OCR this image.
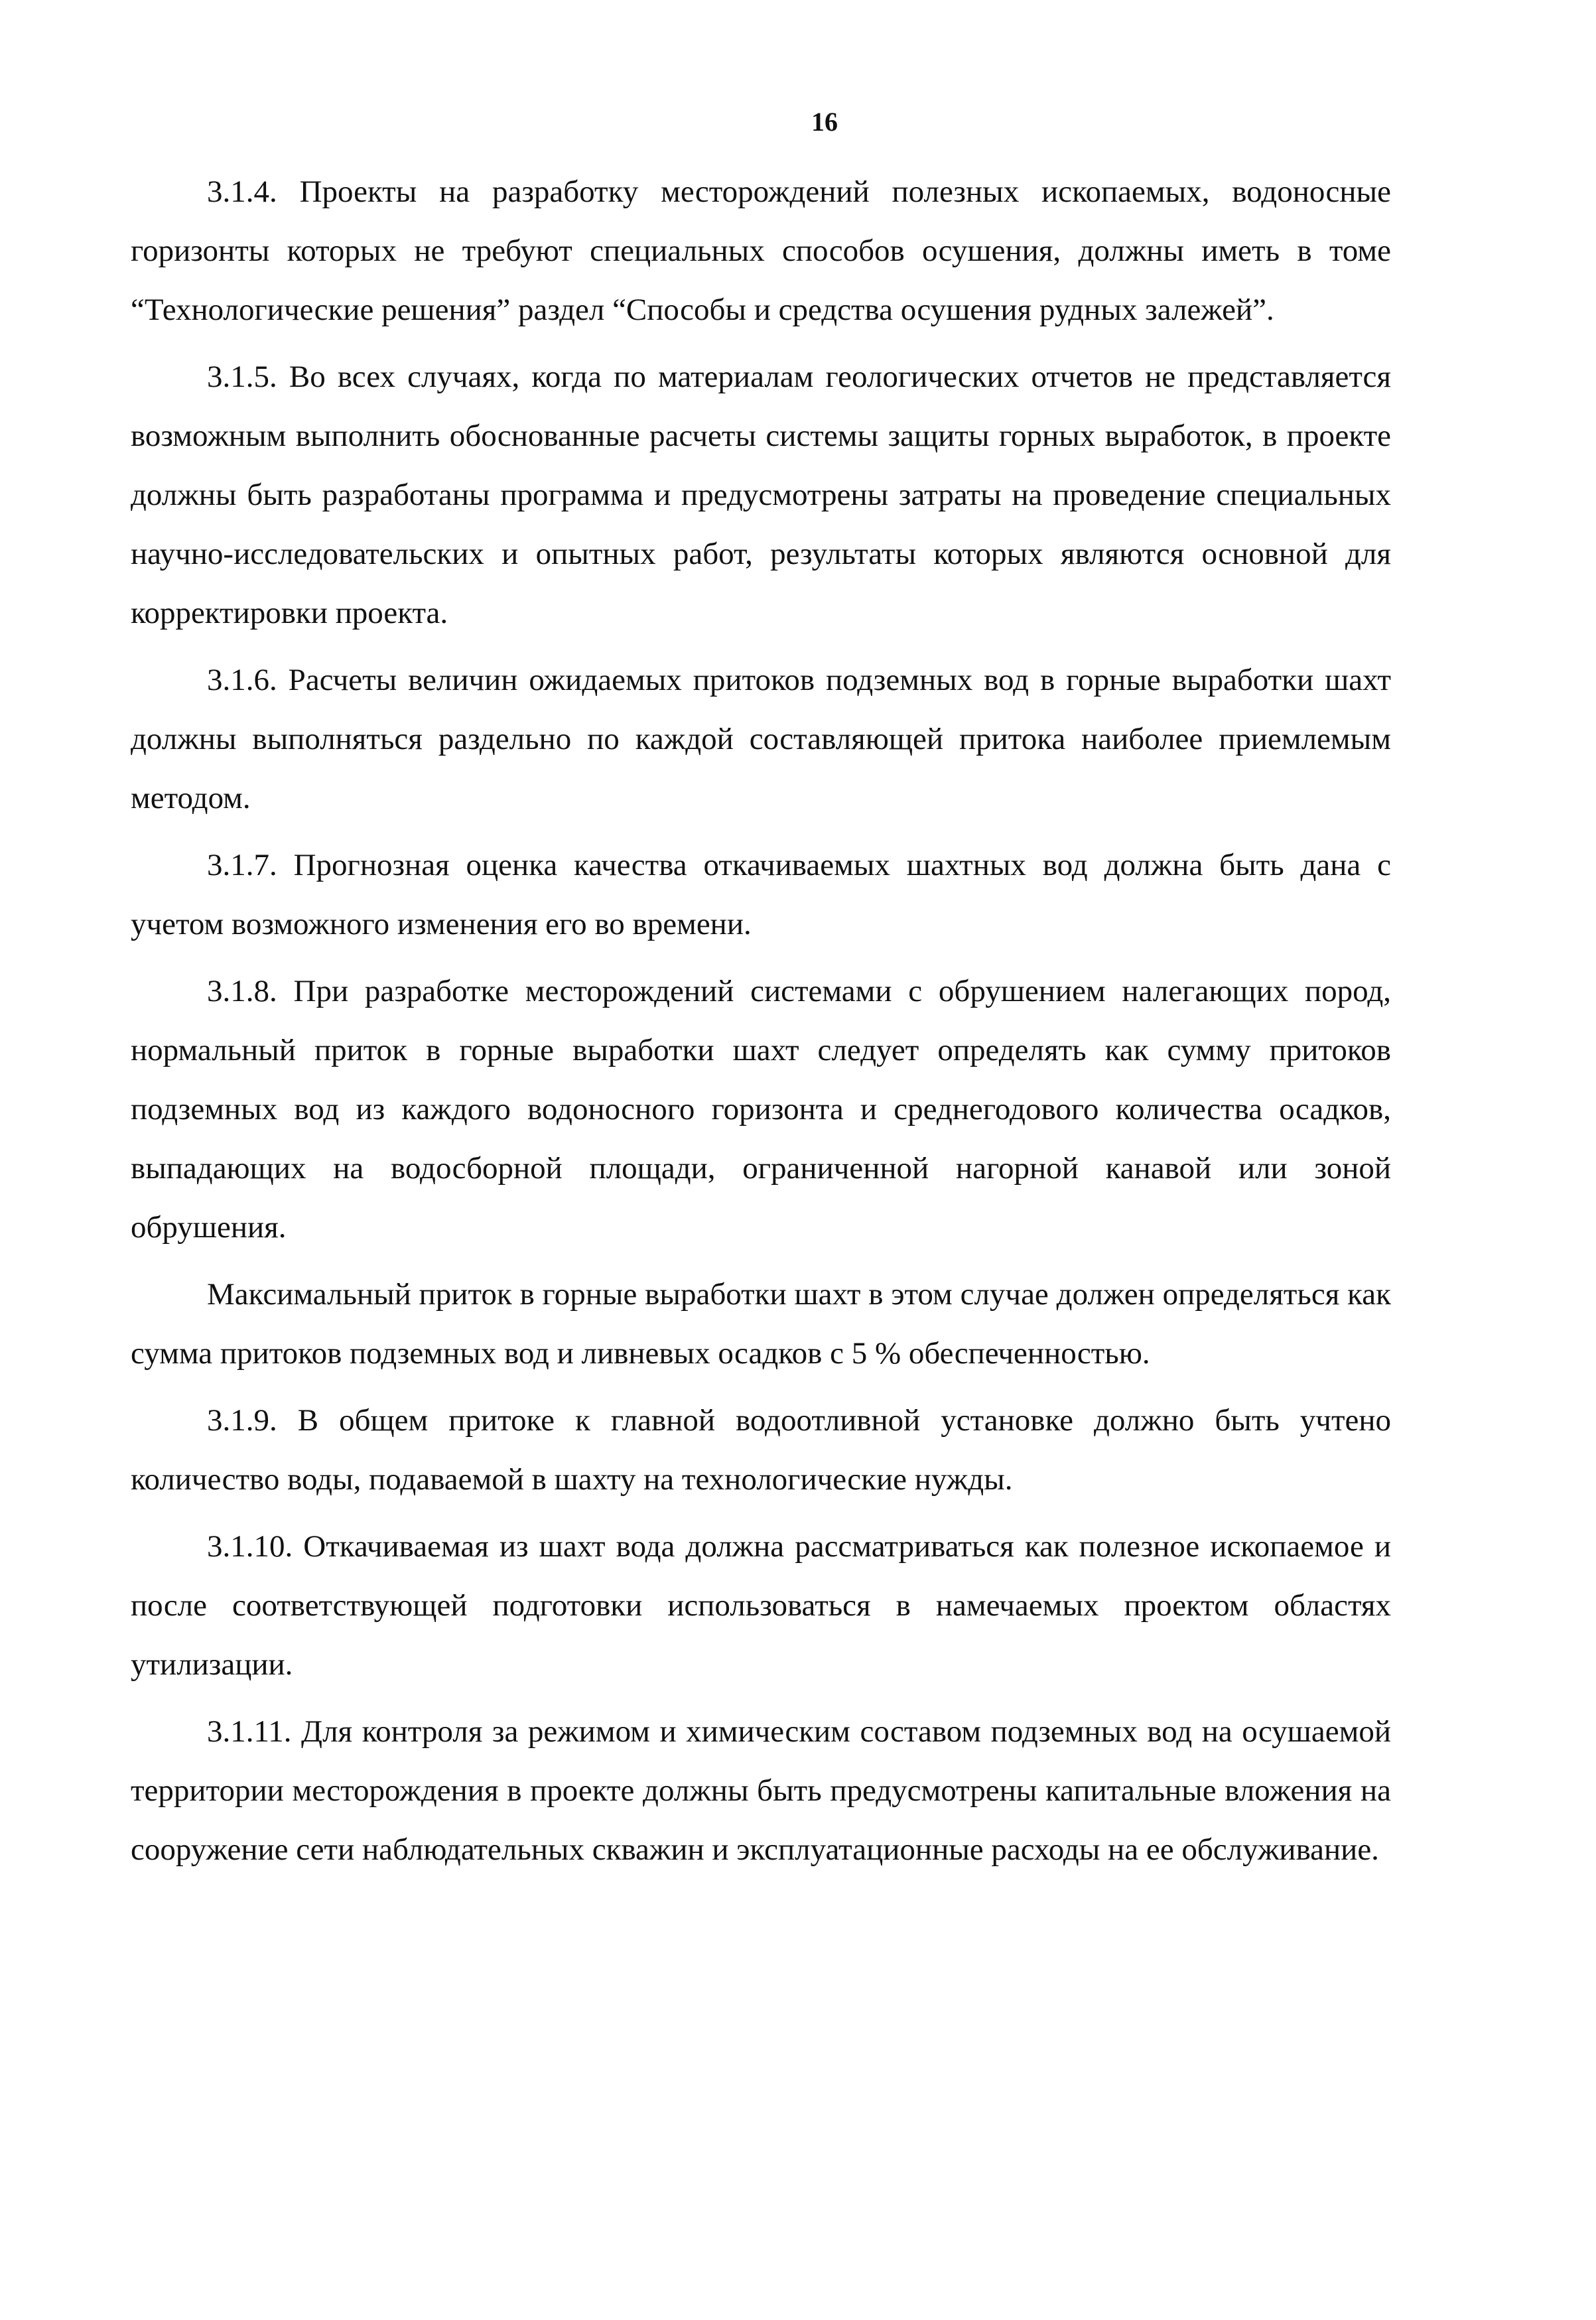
16

3.1.4. Проекты на разработку месторождений полезных ископаемых, водоносные горизонты которых не требуют специальных способов осушения, должны иметь в томе “Технологические решения” раздел “Способы и средства осушения рудных залежей”.

3.1.5. Во всех случаях, когда по материалам геологических отчетов не представляется возможным выполнить обоснованные расчеты системы защиты горных выработок, в проекте должны быть разработаны программа и предусмотрены затраты на проведение специальных научно-исследовательских и опытных работ, результаты которых являются основной для корректировки проекта.

3.1.6. Расчеты величин ожидаемых притоков подземных вод в горные выработки шахт должны выполняться раздельно по каждой составляющей притока наиболее приемлемым методом.

3.1.7. Прогнозная оценка качества откачиваемых шахтных вод должна быть дана с учетом возможного изменения его во времени.

3.1.8. При разработке месторождений системами с обрушением налегающих пород, нормальный приток в горные выработки шахт следует определять как сумму притоков подземных вод из каждого водоносного горизонта и среднегодового количества осадков, выпадающих на водосборной площади, ограниченной нагорной канавой или зоной обрушения.

Максимальный приток в горные выработки шахт в этом случае должен определяться как сумма притоков подземных вод и ливневых осадков с 5 % обеспеченностью.

3.1.9. В общем притоке к главной водоотливной установке должно быть учтено количество воды, подаваемой в шахту на технологические нужды.

3.1.10. Откачиваемая из шахт вода должна рассматриваться как полезное ископаемое и после соответствующей подготовки использоваться в намечаемых проектом областях утилизации.

3.1.11. Для контроля за режимом и химическим составом подземных вод на осушаемой территории месторождения в проекте должны быть предусмотрены капитальные вложения на сооружение сети наблюдательных скважин и эксплуатационные расходы на ее обслуживание.
